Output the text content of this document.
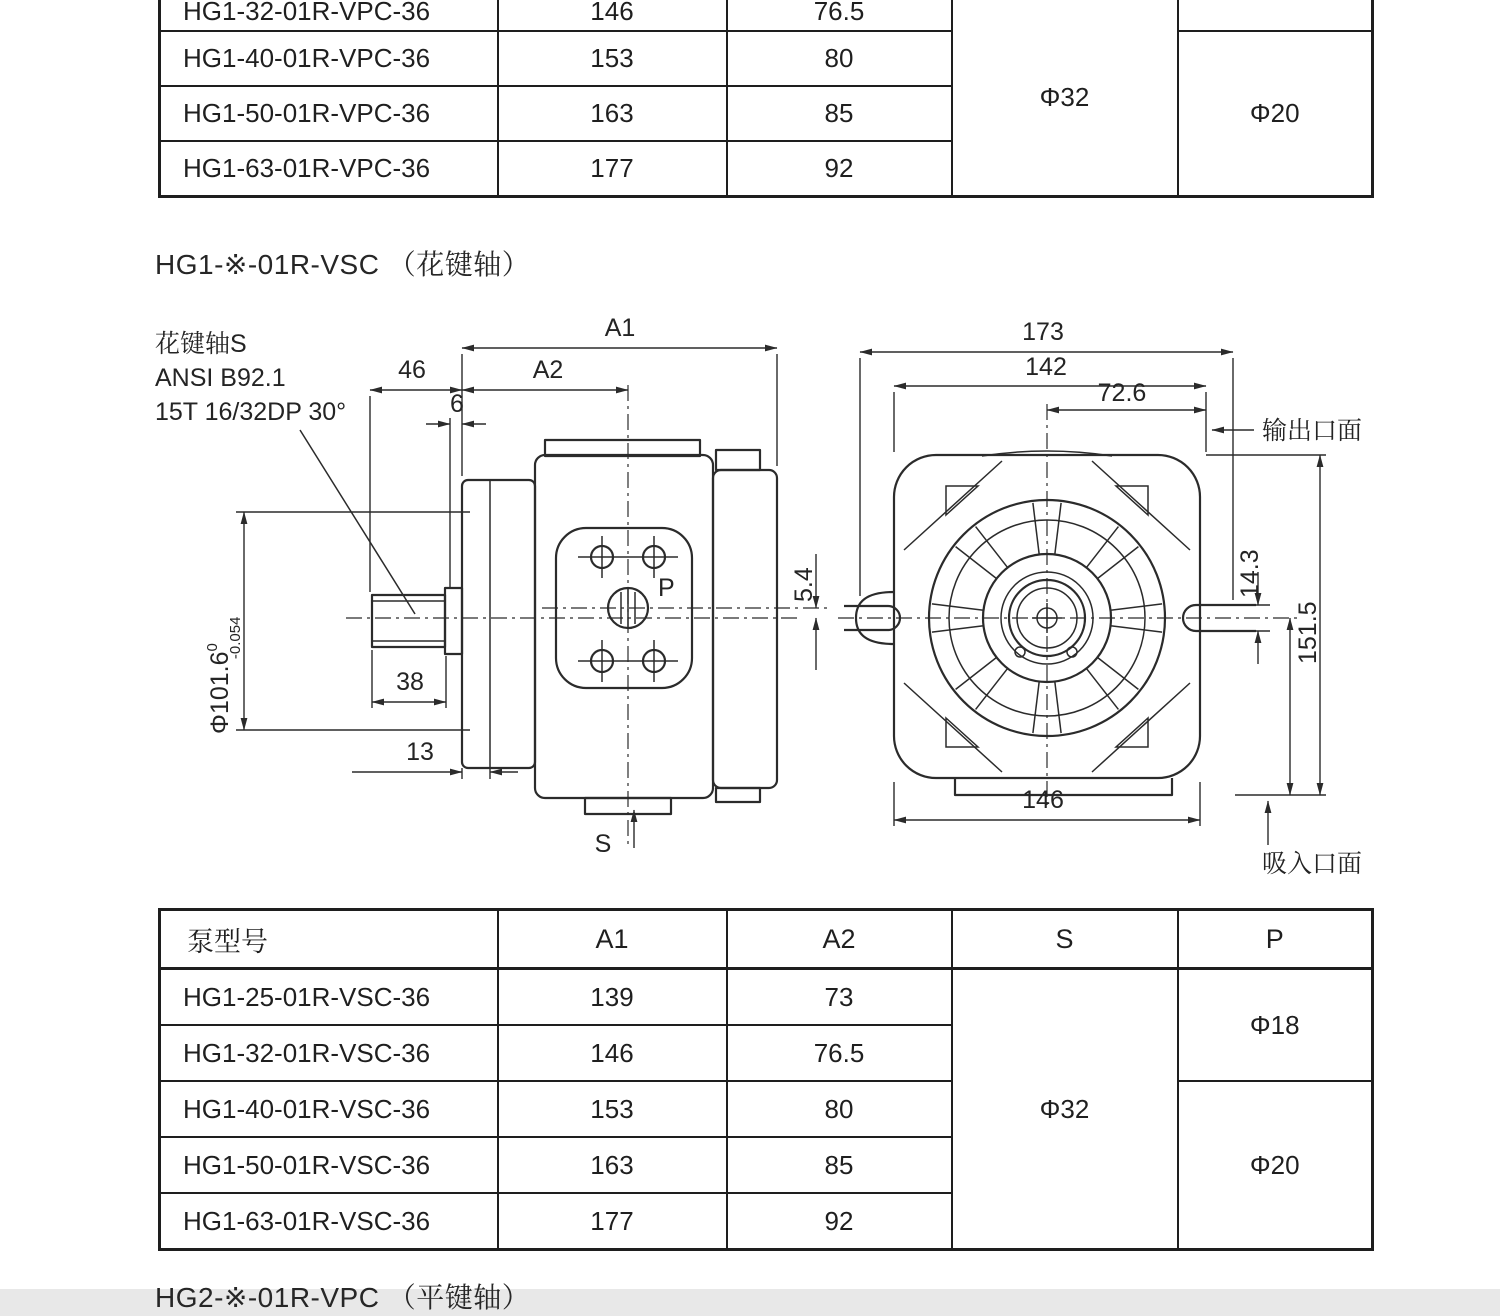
HG1-32-01R-VPC-36	146	76.5	Φ32	
HG1-40-01R-VPC-36	153	80		Φ20
HG1-50-01R-VPC-36	163	85		
HG1-63-01R-VPC-36	177	92		
HG1-※-01R-VSC （花键轴）
P
A1
46	A2
6
Φ101.6$^0$ -0.054
38
13
5.4
S
花键轴S
ANSI B92.1
15T 16/32DP 30°
173
142
72.6
输出口面
14.3
151.5
146
吸入口面
泵型号	A1	A2	S	P
HG1-25-01R-VSC-36	139	73	Φ32	Φ18
HG1-32-01R-VSC-36	146	76.5		
HG1-40-01R-VSC-36	153	80		Φ20
HG1-50-01R-VSC-36	163	85		
HG1-63-01R-VSC-36	177	92		
HG2-※-01R-VPC （平键轴）
